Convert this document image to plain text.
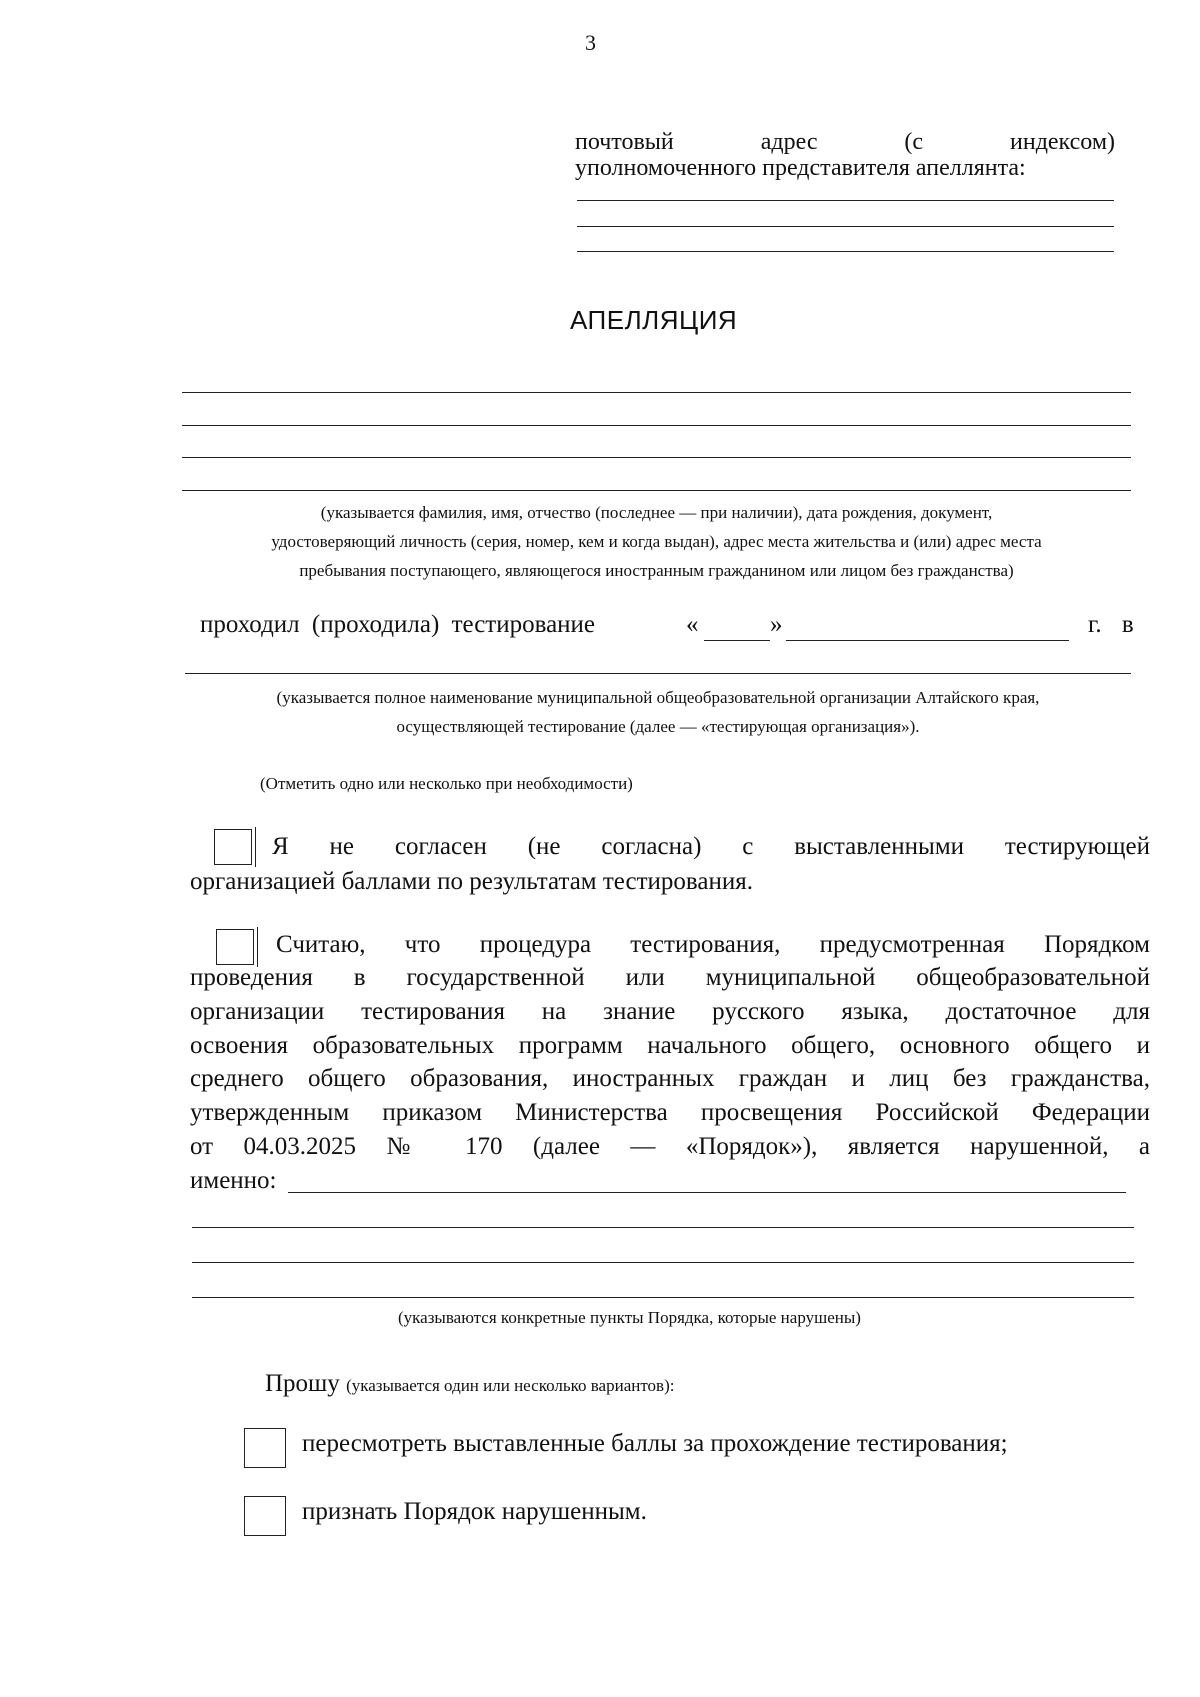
3
почтовый адрес (с индексом)
уполномоченного представителя апеллянта:
АПЕЛЛЯЦИЯ
(указывается фамилия, имя, отчество (последнее — при наличии), дата рождения, документ,
удостоверяющий личность (серия, номер, кем и когда выдан), адрес места жительства и (или) адрес места
пребывания поступающего, являющегося иностранным гражданином или лицом без гражданства)
проходил (проходила) тестирование	«	»	г. в
(указывается полное наименование муниципальной общеобразовательной организации Алтайского края,
осуществляющей тестирование (далее — «тестирующая организация»).
(Отметить одно или несколько при необходимости)
Я не согласен (не согласна) с выставленными тестирующей
организацией баллами по результатам тестирования.
Считаю, что процедура тестирования, предусмотренная Порядком
проведения в государственной или муниципальной общеобразовательной
организации тестирования на знание русского языка, достаточное для
освоения образовательных программ начального общего, основного общего и
среднего общего образования, иностранных граждан и лиц без гражданства,
утвержденным приказом Министерства просвещения Российской Федерации
от 04.03.2025 № 170 (далее — «Порядок»), является нарушенной, а
именно:
(указываются конкретные пункты Порядка, которые нарушены)
Прошу (указывается один или несколько вариантов):
пересмотреть выставленные баллы за прохождение тестирования;
признать Порядок нарушенным.
